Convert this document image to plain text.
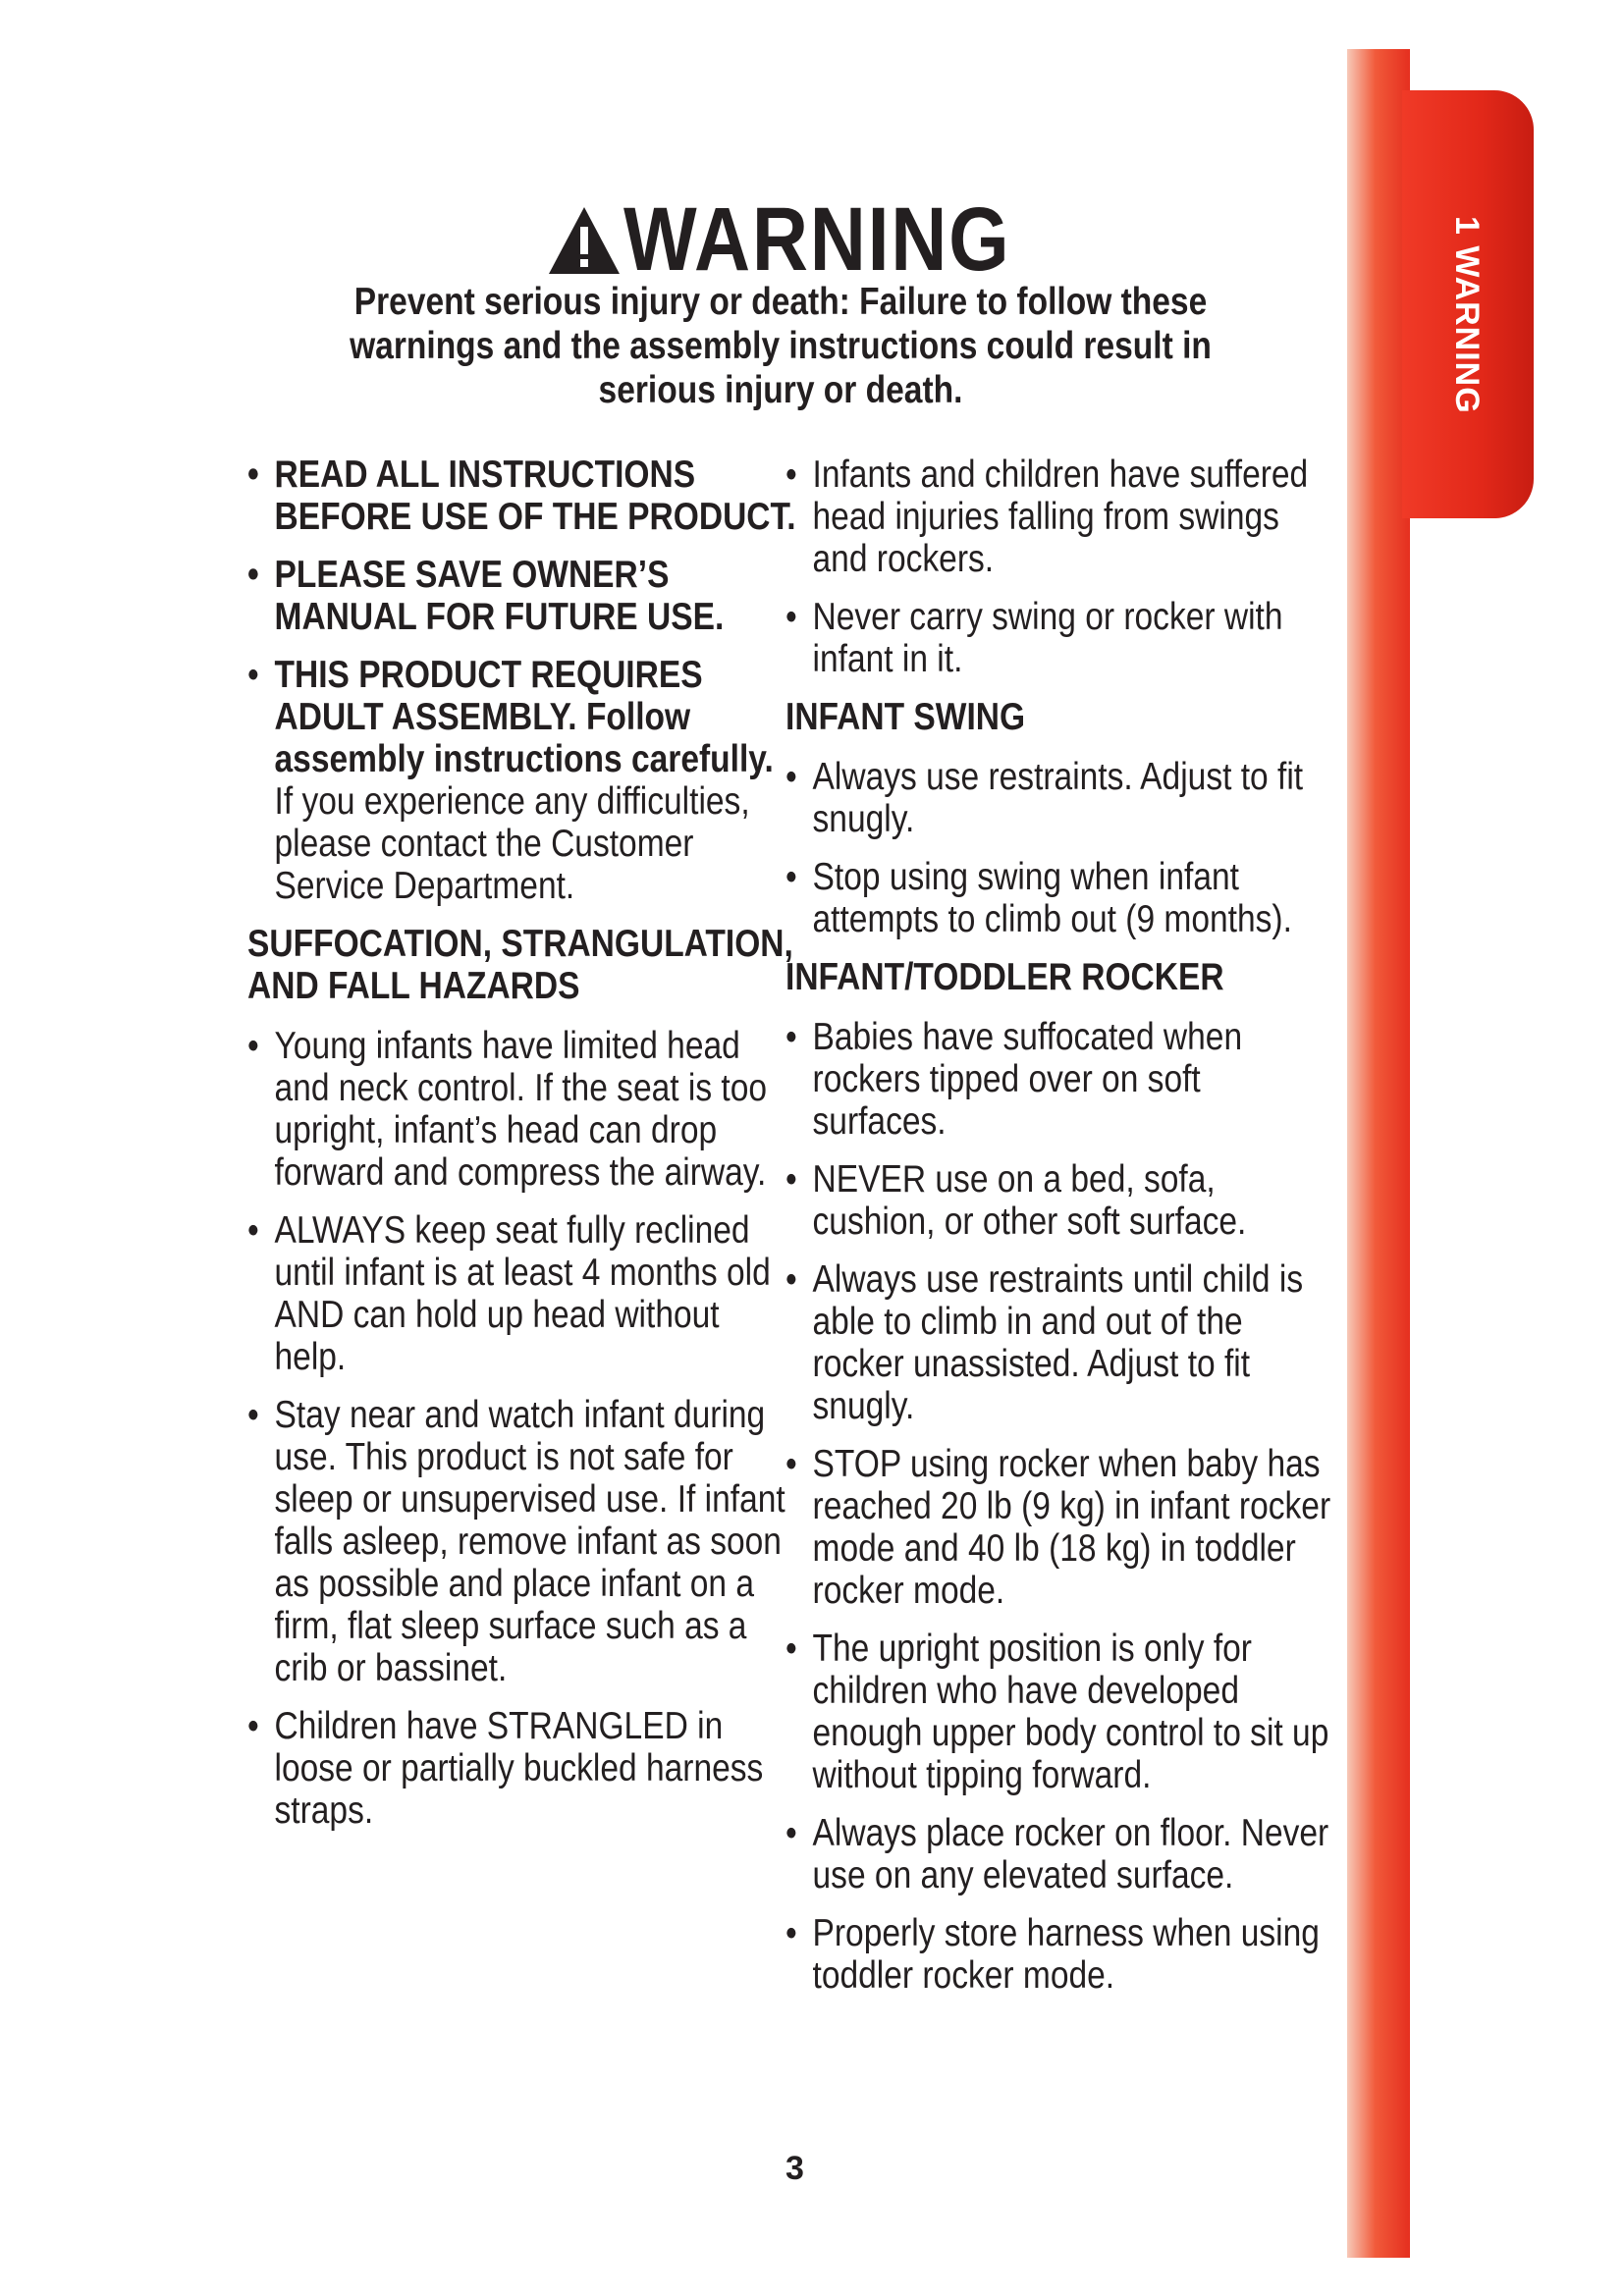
1 WARNING
WARNING
Prevent serious injury or death: Failure to follow these warnings and the assembly instructions could result in serious injury or death.
• READ ALL INSTRUCTIONS BEFORE USE OF THE PRODUCT.
• PLEASE SAVE OWNER’S MANUAL FOR FUTURE USE.
• THIS PRODUCT REQUIRES ADULT ASSEMBLY. Follow assembly instructions carefully. If you experience any difficulties, please contact the Customer Service Department.
SUFFOCATION, STRANGULATION, AND FALL HAZARDS
• Young infants have limited head and neck control. If the seat is too upright, infant’s head can drop forward and compress the airway.
• ALWAYS keep seat fully reclined until infant is at least 4 months old AND can hold up head without help.
• Stay near and watch infant during use. This product is not safe for sleep or unsupervised use. If infant falls asleep, remove infant as soon as possible and place infant on a firm, flat sleep surface such as a crib or bassinet.
• Children have STRANGLED in loose or partially buckled harness straps.
• Infants and children have suffered head injuries falling from swings and rockers.
• Never carry swing or rocker with infant in it.
INFANT SWING
• Always use restraints. Adjust to fit snugly.
• Stop using swing when infant attempts to climb out (9 months).
INFANT/TODDLER ROCKER
• Babies have suffocated when rockers tipped over on soft surfaces.
• NEVER use on a bed, sofa, cushion, or other soft surface.
• Always use restraints until child is able to climb in and out of the rocker unassisted. Adjust to fit snugly.
• STOP using rocker when baby has reached 20 lb (9 kg) in infant rocker mode and 40 lb (18 kg) in toddler rocker mode.
• The upright position is only for children who have developed enough upper body control to sit up without tipping forward.
• Always place rocker on floor. Never use on any elevated surface.
• Properly store harness when using toddler rocker mode.
3
